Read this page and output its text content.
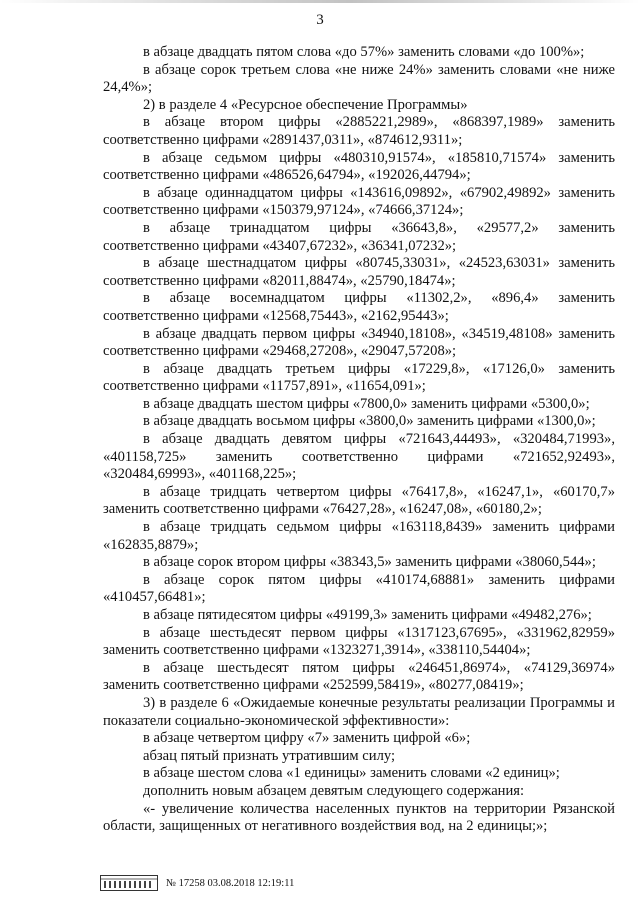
3

в абзаце двадцать пятом слова «до 57%» заменить словами «до 100%»;

в абзаце сорок третьем слова «не ниже 24%» заменить словами «не ниже 24,4%»;

2) в разделе 4 «Ресурсное обеспечение Программы»

в абзаце втором цифры «2885221,2989», «868397,1989» заменить соответственно цифрами «2891437,0311», «874612,9311»;

в абзаце седьмом цифры «480310,91574», «185810,71574» заменить соответственно цифрами «486526,64794», «192026,44794»;

в абзаце одиннадцатом цифры «143616,09892», «67902,49892» заменить соответственно цифрами «150379,97124», «74666,37124»;

в абзаце тринадцатом цифры «36643,8», «29577,2» заменить соответственно цифрами «43407,67232», «36341,07232»;

в абзаце шестнадцатом цифры «80745,33031», «24523,63031» заменить соответственно цифрами «82011,88474», «25790,18474»;

в абзаце восемнадцатом цифры «11302,2», «896,4» заменить соответственно цифрами «12568,75443», «2162,95443»;

в абзаце двадцать первом цифры «34940,18108», «34519,48108» заменить соответственно цифрами «29468,27208», «29047,57208»;

в абзаце двадцать третьем цифры «17229,8», «17126,0» заменить соответственно цифрами «11757,891», «11654,091»;

в абзаце двадцать шестом цифры «7800,0» заменить цифрами «5300,0»;

в абзаце двадцать восьмом цифры «3800,0» заменить цифрами «1300,0»;

в абзаце двадцать девятом цифры «721643,44493», «320484,71993», «401158,725» заменить соответственно цифрами «721652,92493», «320484,69993», «401168,225»;

в абзаце тридцать четвертом цифры «76417,8», «16247,1», «60170,7» заменить соответственно цифрами «76427,28», «16247,08», «60180,2»;

в абзаце тридцать седьмом цифры «163118,8439» заменить цифрами «162835,8879»;

в абзаце сорок втором цифры «38343,5» заменить цифрами «38060,544»;

в абзаце сорок пятом цифры «410174,68881» заменить цифрами «410457,66481»;

в абзаце пятидесятом цифры «49199,3» заменить цифрами «49482,276»;

в абзаце шестьдесят первом цифры «1317123,67695», «331962,82959» заменить соответственно цифрами «1323271,3914», «338110,54404»;

в абзаце шестьдесят пятом цифры «246451,86974», «74129,36974» заменить соответственно цифрами «252599,58419», «80277,08419»;

3) в разделе 6 «Ожидаемые конечные результаты реализации Программы и показатели социально-экономической эффективности»:

в абзаце четвертом цифру «7» заменить цифрой «6»;

абзац пятый признать утратившим силу;

в абзаце шестом слова «1 единицы» заменить словами «2 единиц»;

дополнить новым абзацем девятым следующего содержания:

«- увеличение количества населенных пунктов на территории Рязанской области, защищенных от негативного воздействия вод, на 2 единицы;»;

№ 17258 03.08.2018 12:19:11
